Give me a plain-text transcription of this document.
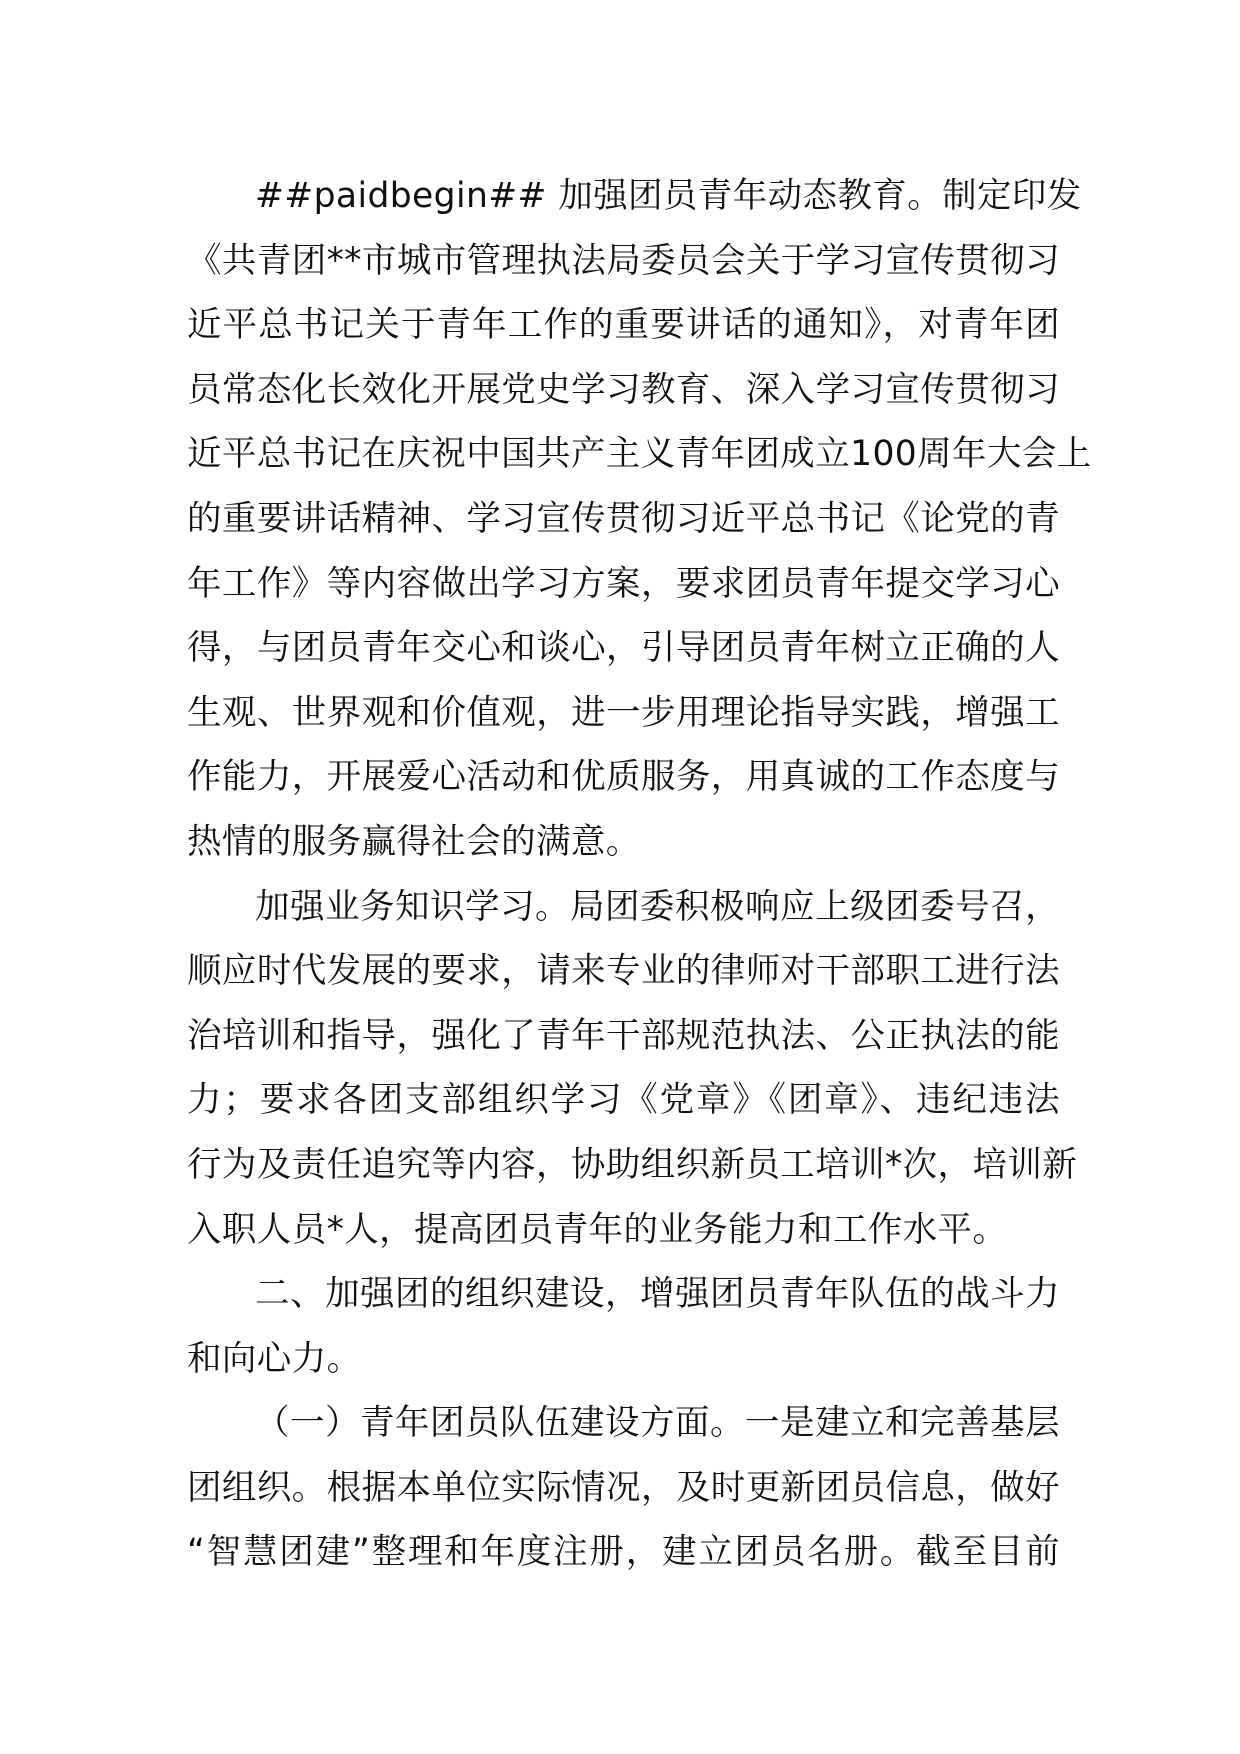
##paidbegin## 加强团员青年动态教育。制定印发
《共青团**市城市管理执法局委员会关于学习宣传贯彻习
近平总书记关于青年工作的重要讲话的通知》，对青年团
员常态化长效化开展党史学习教育、深入学习宣传贯彻习
近平总书记在庆祝中国共产主义青年团成立100周年大会上
的重要讲话精神、学习宣传贯彻习近平总书记《论党的青
年工作》等内容做出学习方案，要求团员青年提交学习心
得，与团员青年交心和谈心，引导团员青年树立正确的人
生观、世界观和价值观，进一步用理论指导实践，增强工
作能力，开展爱心活动和优质服务，用真诚的工作态度与
热情的服务赢得社会的满意。
加强业务知识学习。局团委积极响应上级团委号召，
顺应时代发展的要求，请来专业的律师对干部职工进行法
治培训和指导，强化了青年干部规范执法、公正执法的能
力；要求各团支部组织学习《党章》《团章》、违纪违法
行为及责任追究等内容，协助组织新员工培训*次，培训新
入职人员*人，提高团员青年的业务能力和工作水平。
二、加强团的组织建设，增强团员青年队伍的战斗力
和向心力。
（一）青年团员队伍建设方面。一是建立和完善基层
团组织。根据本单位实际情况，及时更新团员信息，做好
“智慧团建”整理和年度注册，建立团员名册。截至目前
